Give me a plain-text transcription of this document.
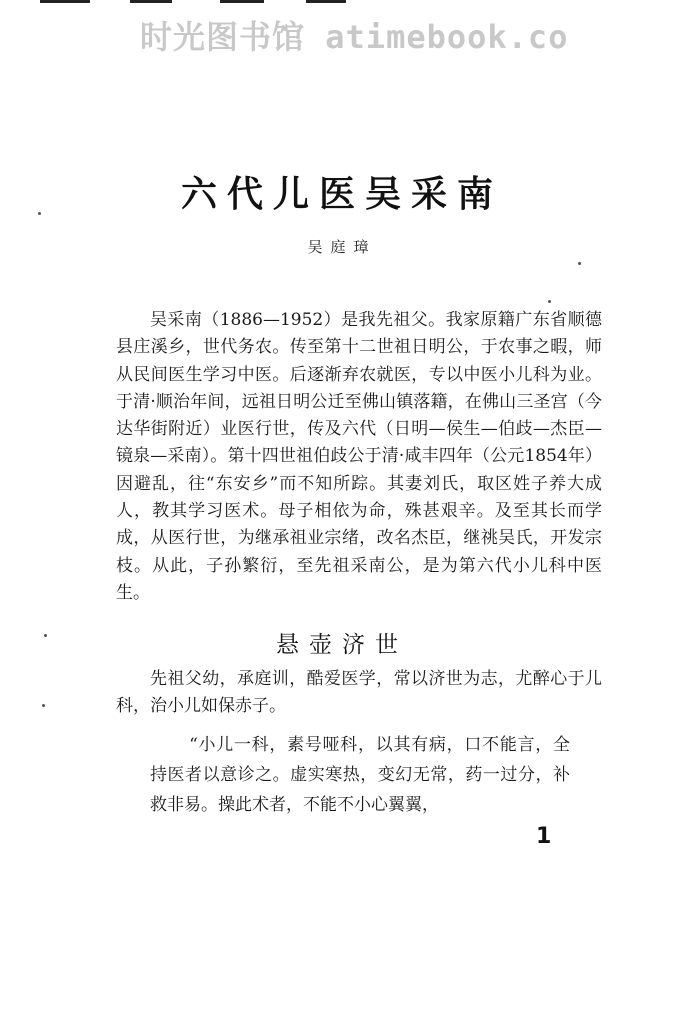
时光图书馆 atimebook.co
六代儿医吴采南
吴庭璋
吴采南（1886—1952）是我先祖父。我家原籍广东省顺德县庄溪乡，世代务农。传至第十二世祖日明公，于农事之暇，师从民间医生学习中医。后逐渐弃农就医，专以中医小儿科为业。于清·顺治年间，远祖日明公迁至佛山镇落籍，在佛山三圣宫（今达华街附近）业医行世，传及六代（日明—侯生—伯歧—杰臣—镜泉—采南）。第十四世祖伯歧公于清·咸丰四年（公元1854年）因避乱，往“东安乡”而不知所踪。其妻刘氏，取区姓子养大成人，教其学习医术。母子相依为命，殊甚艰辛。及至其长而学成，从医行世，为继承祖业宗绪，改名杰臣，继祧吴氏，开发宗枝。从此，子孙繁衍，至先祖采南公，是为第六代小儿科中医生。
悬壶济世
先祖父幼，承庭训，酷爱医学，常以济世为志，尤醉心于儿科，治小儿如保赤子。
“小儿一科，素号哑科，以其有病，口不能言，全持医者以意诊之。虚实寒热，变幻无常，药一过分，补救非易。操此术者，不能不小心翼翼，
1
